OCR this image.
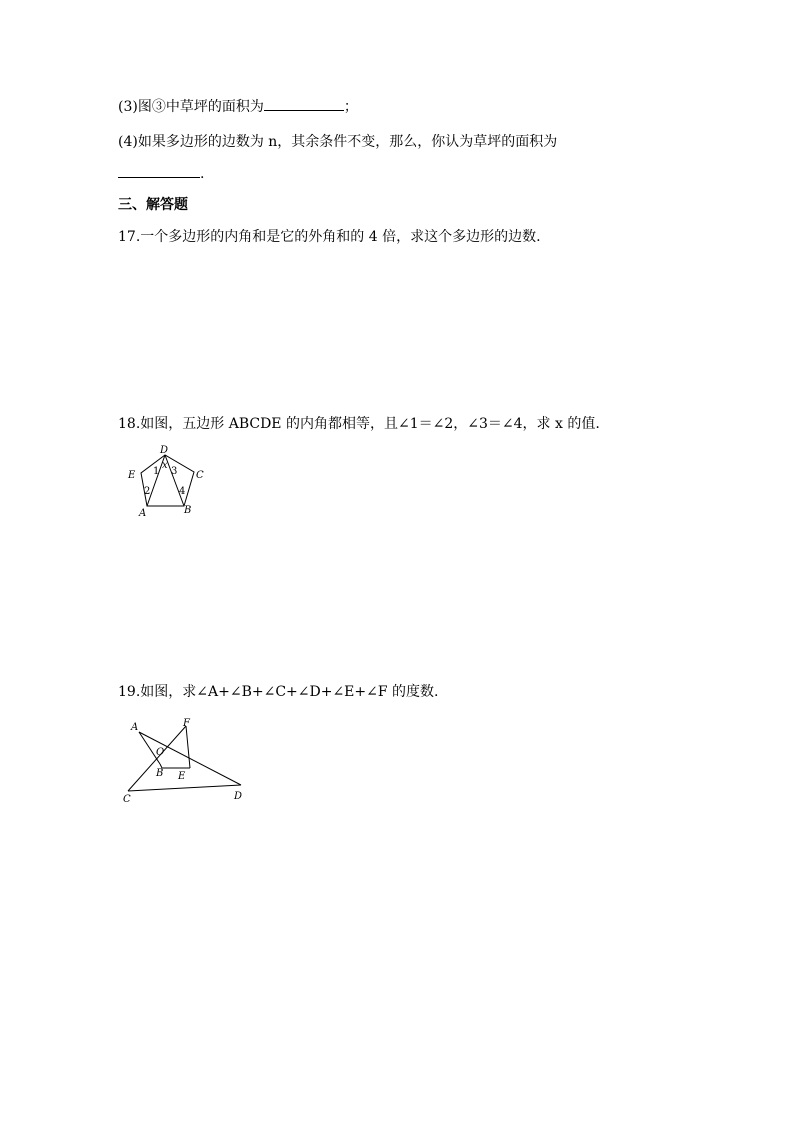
(3)图③中草坪的面积为	；
(4)如果多边形的边数为 n，其余条件不变，那么，你认为草坪的面积为
.
三、解答题
17.一个多边形的内角和是它的外角和的 4 倍，求这个多边形的边数.
18.如图，五边形 ABCDE 的内角都相等，且∠1＝∠2，∠3＝∠4，求 x 的值.
D
E	C
A	B
1
2
3
4
x
19.如图，求∠A+∠B+∠C+∠D+∠E+∠F 的度数.
A	F
O
B E
C	D
